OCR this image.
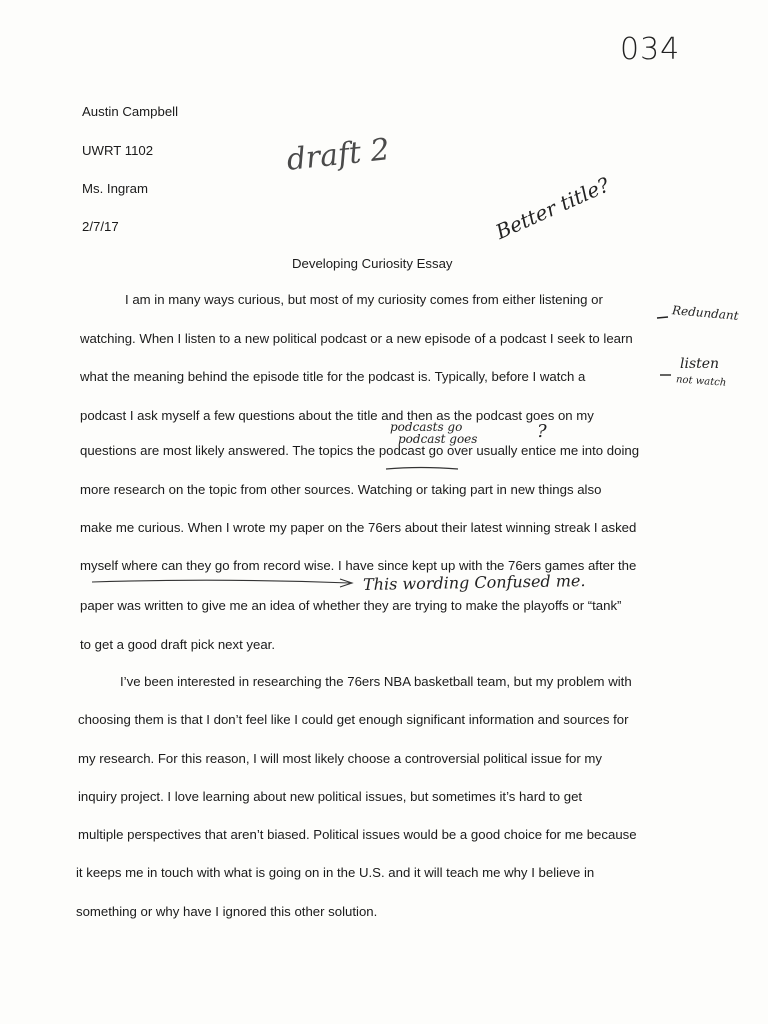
034
Austin Campbell
UWRT 1102
Ms. Ingram
2/7/17
draft 2
Better title?
Developing Curiosity Essay
I am in many ways curious, but most of my curiosity comes from either listening or
watching. When I listen to a new political podcast or a new episode of a podcast I seek to learn
what the meaning behind the episode title for the podcast is. Typically, before I watch a
podcast I ask myself a few questions about the title and then as the podcast goes on my
questions are most likely answered. The topics the podcast go over usually entice me into doing
more research on the topic from other sources. Watching or taking part in new things also
make me curious. When I wrote my paper on the 76ers about their latest winning streak I asked
myself where can they go from record wise. I have since kept up with the 76ers games after the
paper was written to give me an idea of whether they are trying to make the playoffs or “tank”
to get a good draft pick next year.
I’ve been interested in researching the 76ers NBA basketball team, but my problem with
choosing them is that I don’t feel like I could get enough significant information and sources for
my research. For this reason, I will most likely choose a controversial political issue for my
inquiry project. I love learning about new political issues, but sometimes it’s hard to get
multiple perspectives that aren’t biased. Political issues would be a good choice for me because
it keeps me in touch with what is going on in the U.S. and it will teach me why I believe in
something or why have I ignored this other solution.
Redundant
listen
not watch
podcasts go
podcast goes	?
This wording Confused me.
